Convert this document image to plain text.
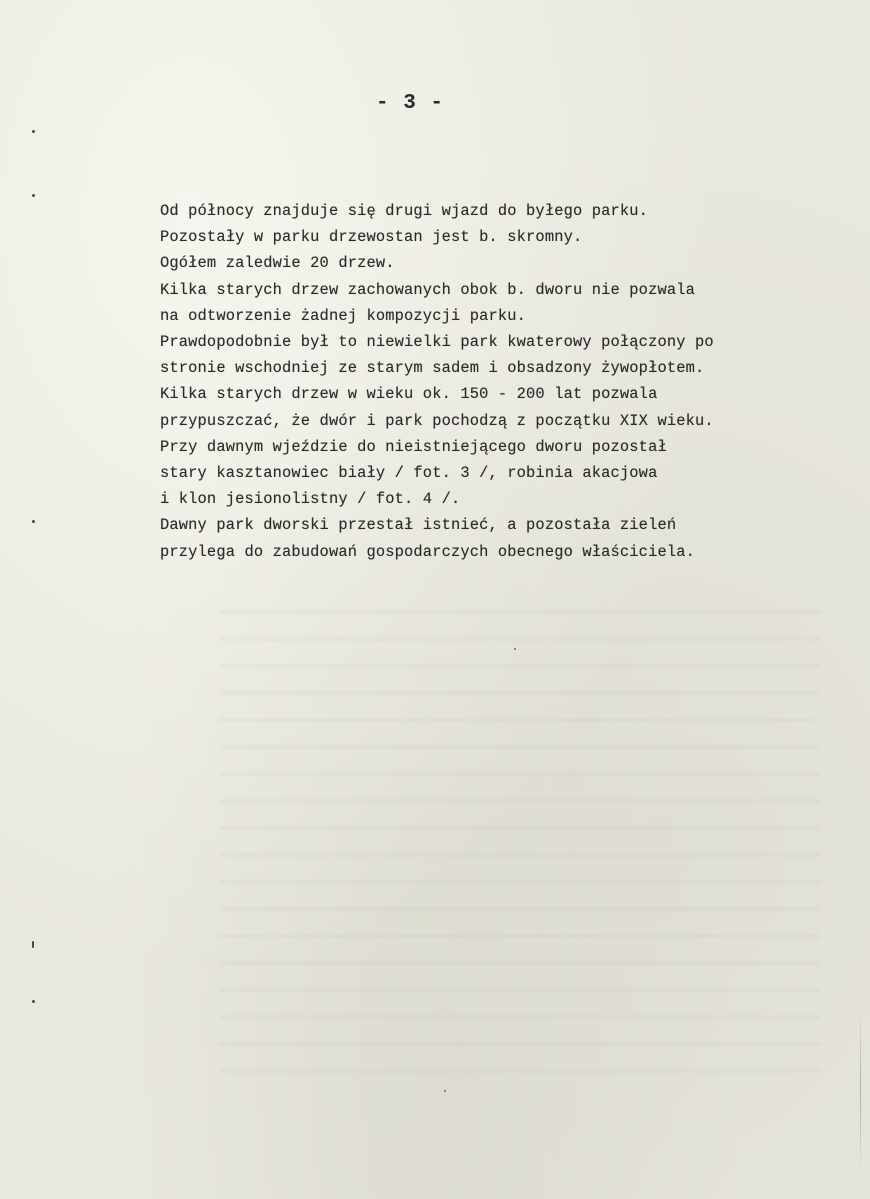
- 3 -
Od północy znajduje się drugi wjazd do byłego parku.
Pozostały w parku drzewostan jest b. skromny.
Ogółem zaledwie 20 drzew.
Kilka starych drzew zachowanych obok b. dworu nie pozwala
na odtworzenie żadnej kompozycji parku.
Prawdopodobnie był to niewielki park kwaterowy połączony po
stronie wschodniej ze starym sadem i obsadzony żywopłotem.
Kilka starych drzew w wieku ok. 150 - 200 lat pozwala
przypuszczać, że dwór i park pochodzą z początku XIX wieku.
Przy dawnym wjeździe do nieistniejącego dworu pozostał
stary kasztanowiec biały / fot. 3 /, robinia akacjowa
i klon jesionolistny / fot. 4 /.
Dawny park dworski przestał istnieć, a pozostała zieleń
przylega do zabudowań gospodarczych obecnego właściciela.
